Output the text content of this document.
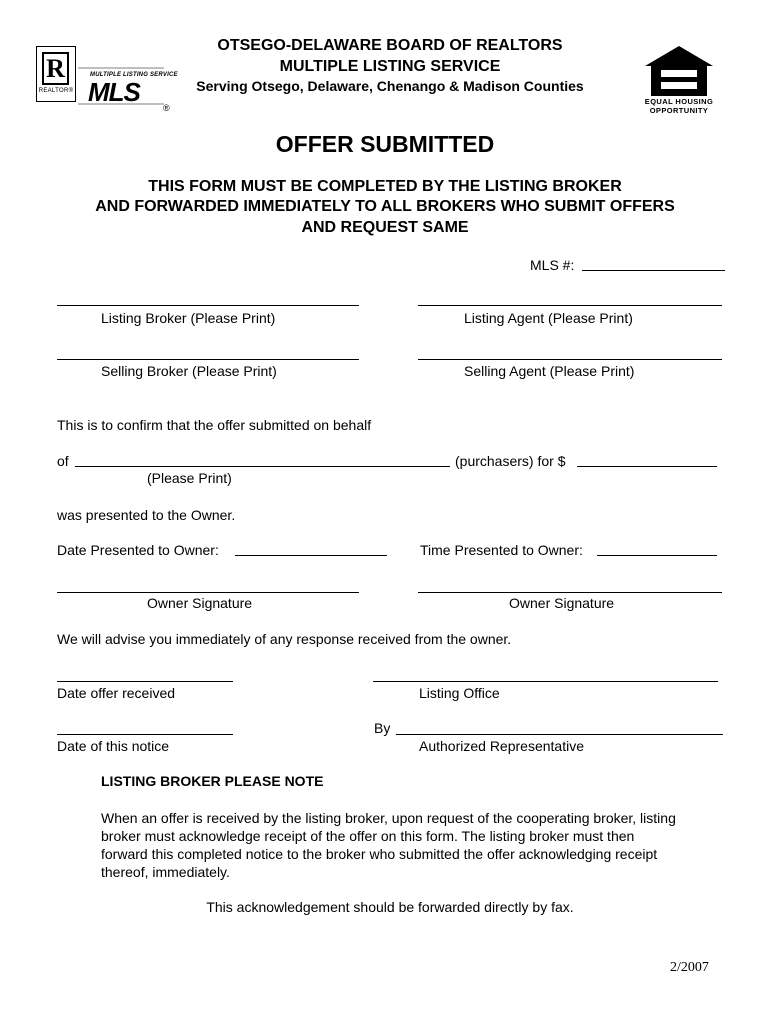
R
REALTOR®
MULTIPLE LISTING SERVICE
MLS
®
OTSEGO-DELAWARE BOARD OF REALTORS
MULTIPLE LISTING SERVICE
Serving Otsego, Delaware, Chenango & Madison Counties
EQUAL HOUSING
OPPORTUNITY
OFFER SUBMITTED
THIS FORM MUST BE COMPLETED BY THE LISTING BROKER
AND FORWARDED IMMEDIATELY TO ALL BROKERS WHO SUBMIT OFFERS
AND REQUEST SAME
MLS #:
Listing Broker (Please Print)	Listing Agent (Please Print)
Selling Broker (Please Print)	Selling Agent (Please Print)
This is to confirm that the offer submitted on behalf
of	(purchasers) for $
(Please Print)
was presented to the Owner.
Date Presented to Owner:	Time Presented to Owner:
Owner Signature	Owner Signature
We will advise you immediately of any response received from the owner.
Date offer received	Listing Office
By
Date of this notice	Authorized Representative
LISTING BROKER PLEASE NOTE
When an offer is received by the listing broker, upon request of the cooperating broker, listing
broker must acknowledge receipt of the offer on this form. The listing broker must then
forward this completed notice to the broker who submitted the offer acknowledging receipt
thereof, immediately.
This acknowledgement should be forwarded directly by fax.
2/2007
